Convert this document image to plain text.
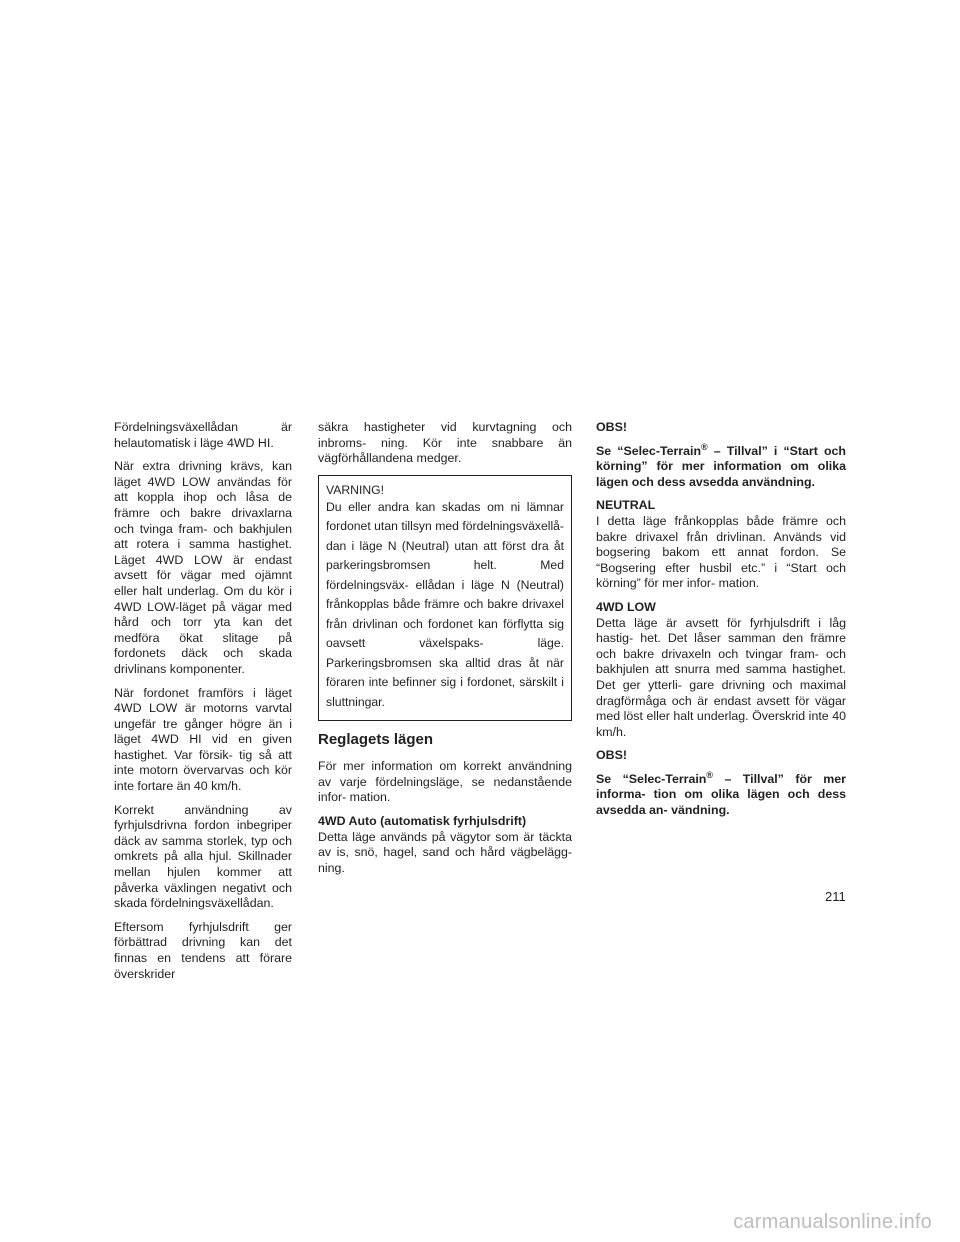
Fördelningsväxellådan är helautomatisk i läge 4WD HI.

När extra drivning krävs, kan läget 4WD LOW användas för att koppla ihop och låsa de främre och bakre drivaxlarna och tvinga fram- och bakhjulen att rotera i samma hastighet. Läget 4WD LOW är endast avsett för vägar med ojämnt eller halt underlag. Om du kör i 4WD LOW-läget på vägar med hård och torr yta kan det medföra ökat slitage på fordonets däck och skada drivlinans komponenter.

När fordonet framförs i läget 4WD LOW är motorns varvtal ungefär tre gånger högre än i läget 4WD HI vid en given hastighet. Var försik- tig så att inte motorn övervarvas och kör inte fortare än 40 km/h.

Korrekt användning av fyrhjulsdrivna fordon inbegriper däck av samma storlek, typ och omkrets på alla hjul. Skillnader mellan hjulen kommer att påverka växlingen negativt och skada fördelningsväxellådan.

Eftersom fyrhjulsdrift ger förbättrad drivning kan det finnas en tendens att förare överskrider

säkra hastigheter vid kurvtagning och inbroms- ning. Kör inte snabbare än vägförhållandena medger.

VARNING!
Du eller andra kan skadas om ni lämnar fordonet utan tillsyn med fördelningsväxellå- dan i läge N (Neutral) utan att först dra åt parkeringsbromsen helt. Med fördelningsväx- ellådan i läge N (Neutral) frånkopplas både främre och bakre drivaxel från drivlinan och fordonet kan förflytta sig oavsett växelspaks- läge. Parkeringsbromsen ska alltid dras åt när föraren inte befinner sig i fordonet, särskilt i sluttningar.
Reglagets lägen

För mer information om korrekt användning av varje fördelningsläge, se nedanstående infor- mation.

4WD Auto (automatisk fyrhjulsdrift)
Detta läge används på vägytor som är täckta av is, snö, hagel, sand och hård vägbelägg- ning.

OBS!

Se “Selec-Terrain® – Tillval” i “Start och körning” för mer information om olika lägen och dess avsedda användning.

NEUTRAL
I detta läge frånkopplas både främre och bakre drivaxel från drivlinan. Används vid bogsering bakom ett annat fordon. Se “Bogsering efter husbil etc.” i “Start och körning” för mer infor- mation.

4WD LOW
Detta läge är avsett för fyrhjulsdrift i låg hastig- het. Det låser samman den främre och bakre drivaxeln och tvingar fram- och bakhjulen att snurra med samma hastighet. Det ger ytterli- gare drivning och maximal dragförmåga och är endast avsett för vägar med löst eller halt underlag. Överskrid inte 40 km/h.

OBS!

Se “Selec-Terrain® – Tillval” för mer informa- tion om olika lägen och dess avsedda an- vändning.

211
carmanualsonline.info
